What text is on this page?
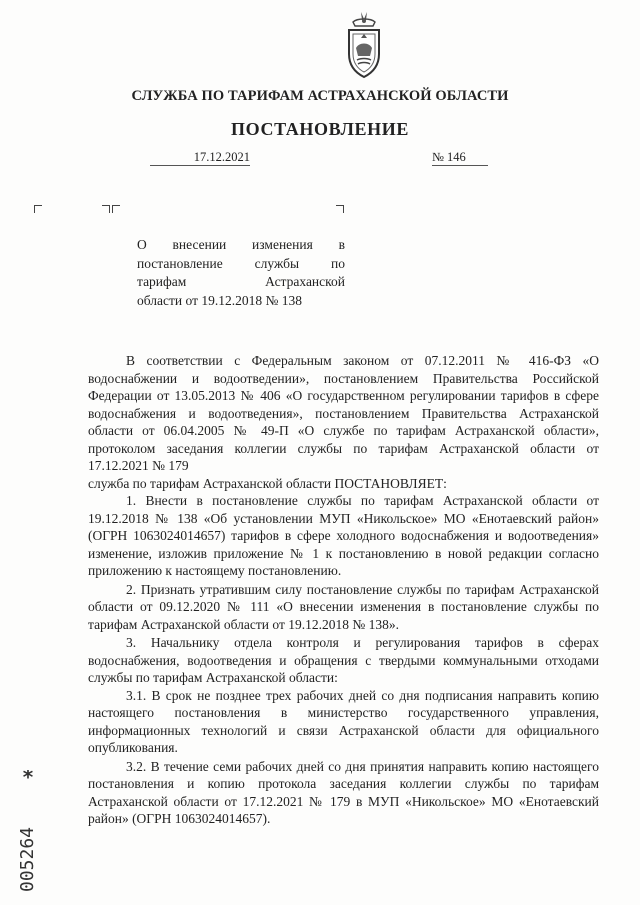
СЛУЖБА ПО ТАРИФАМ АСТРАХАНСКОЙ ОБЛАСТИ
ПОСТАНОВЛЕНИЕ
17.12.2021	№ 146
О внесении изменения в
постановление службы по
тарифам Астраханской
области от 19.12.2018 № 138

В соответствии с Федеральным законом от 07.12.2011 № 416-ФЗ «О водоснабжении и водоотведении», постановлением Правительства Российской Федерации от 13.05.2013 № 406 «О государственном регулировании тарифов в сфере водоснабжения и водоотведения», постановлением Правительства Астраханской области от 06.04.2005 № 49-П «О службе по тарифам Астраханской области», протоколом заседания коллегии службы по тарифам Астраханской области от 17.12.2021 № 179

служба по тарифам Астраханской области ПОСТАНОВЛЯЕТ:

1. Внести в постановление службы по тарифам Астраханской области от 19.12.2018 № 138 «Об установлении МУП «Никольское» МО «Енотаевский район» (ОГРН 1063024014657) тарифов в сфере холодного водоснабжения и водоотведения» изменение, изложив приложение № 1 к постановлению в новой редакции согласно приложению к настоящему постановлению.

2. Признать утратившим силу постановление службы по тарифам Астраханской области от 09.12.2020 № 111 «О внесении изменения в постановление службы по тарифам Астраханской области от 19.12.2018 № 138».

3. Начальнику отдела контроля и регулирования тарифов в сферах водоснабжения, водоотведения и обращения с твердыми коммунальными отходами службы по тарифам Астраханской области:

3.1. В срок не позднее трех рабочих дней со дня подписания направить копию настоящего постановления в министерство государственного управления, информационных технологий и связи Астраханской области для официального опубликования.

3.2. В течение семи рабочих дней со дня принятия направить копию настоящего постановления и копию протокола заседания коллегии службы по тарифам Астраханской области от 17.12.2021 № 179 в МУП «Никольское» МО «Енотаевский район» (ОГРН 1063024014657).

*
005264
